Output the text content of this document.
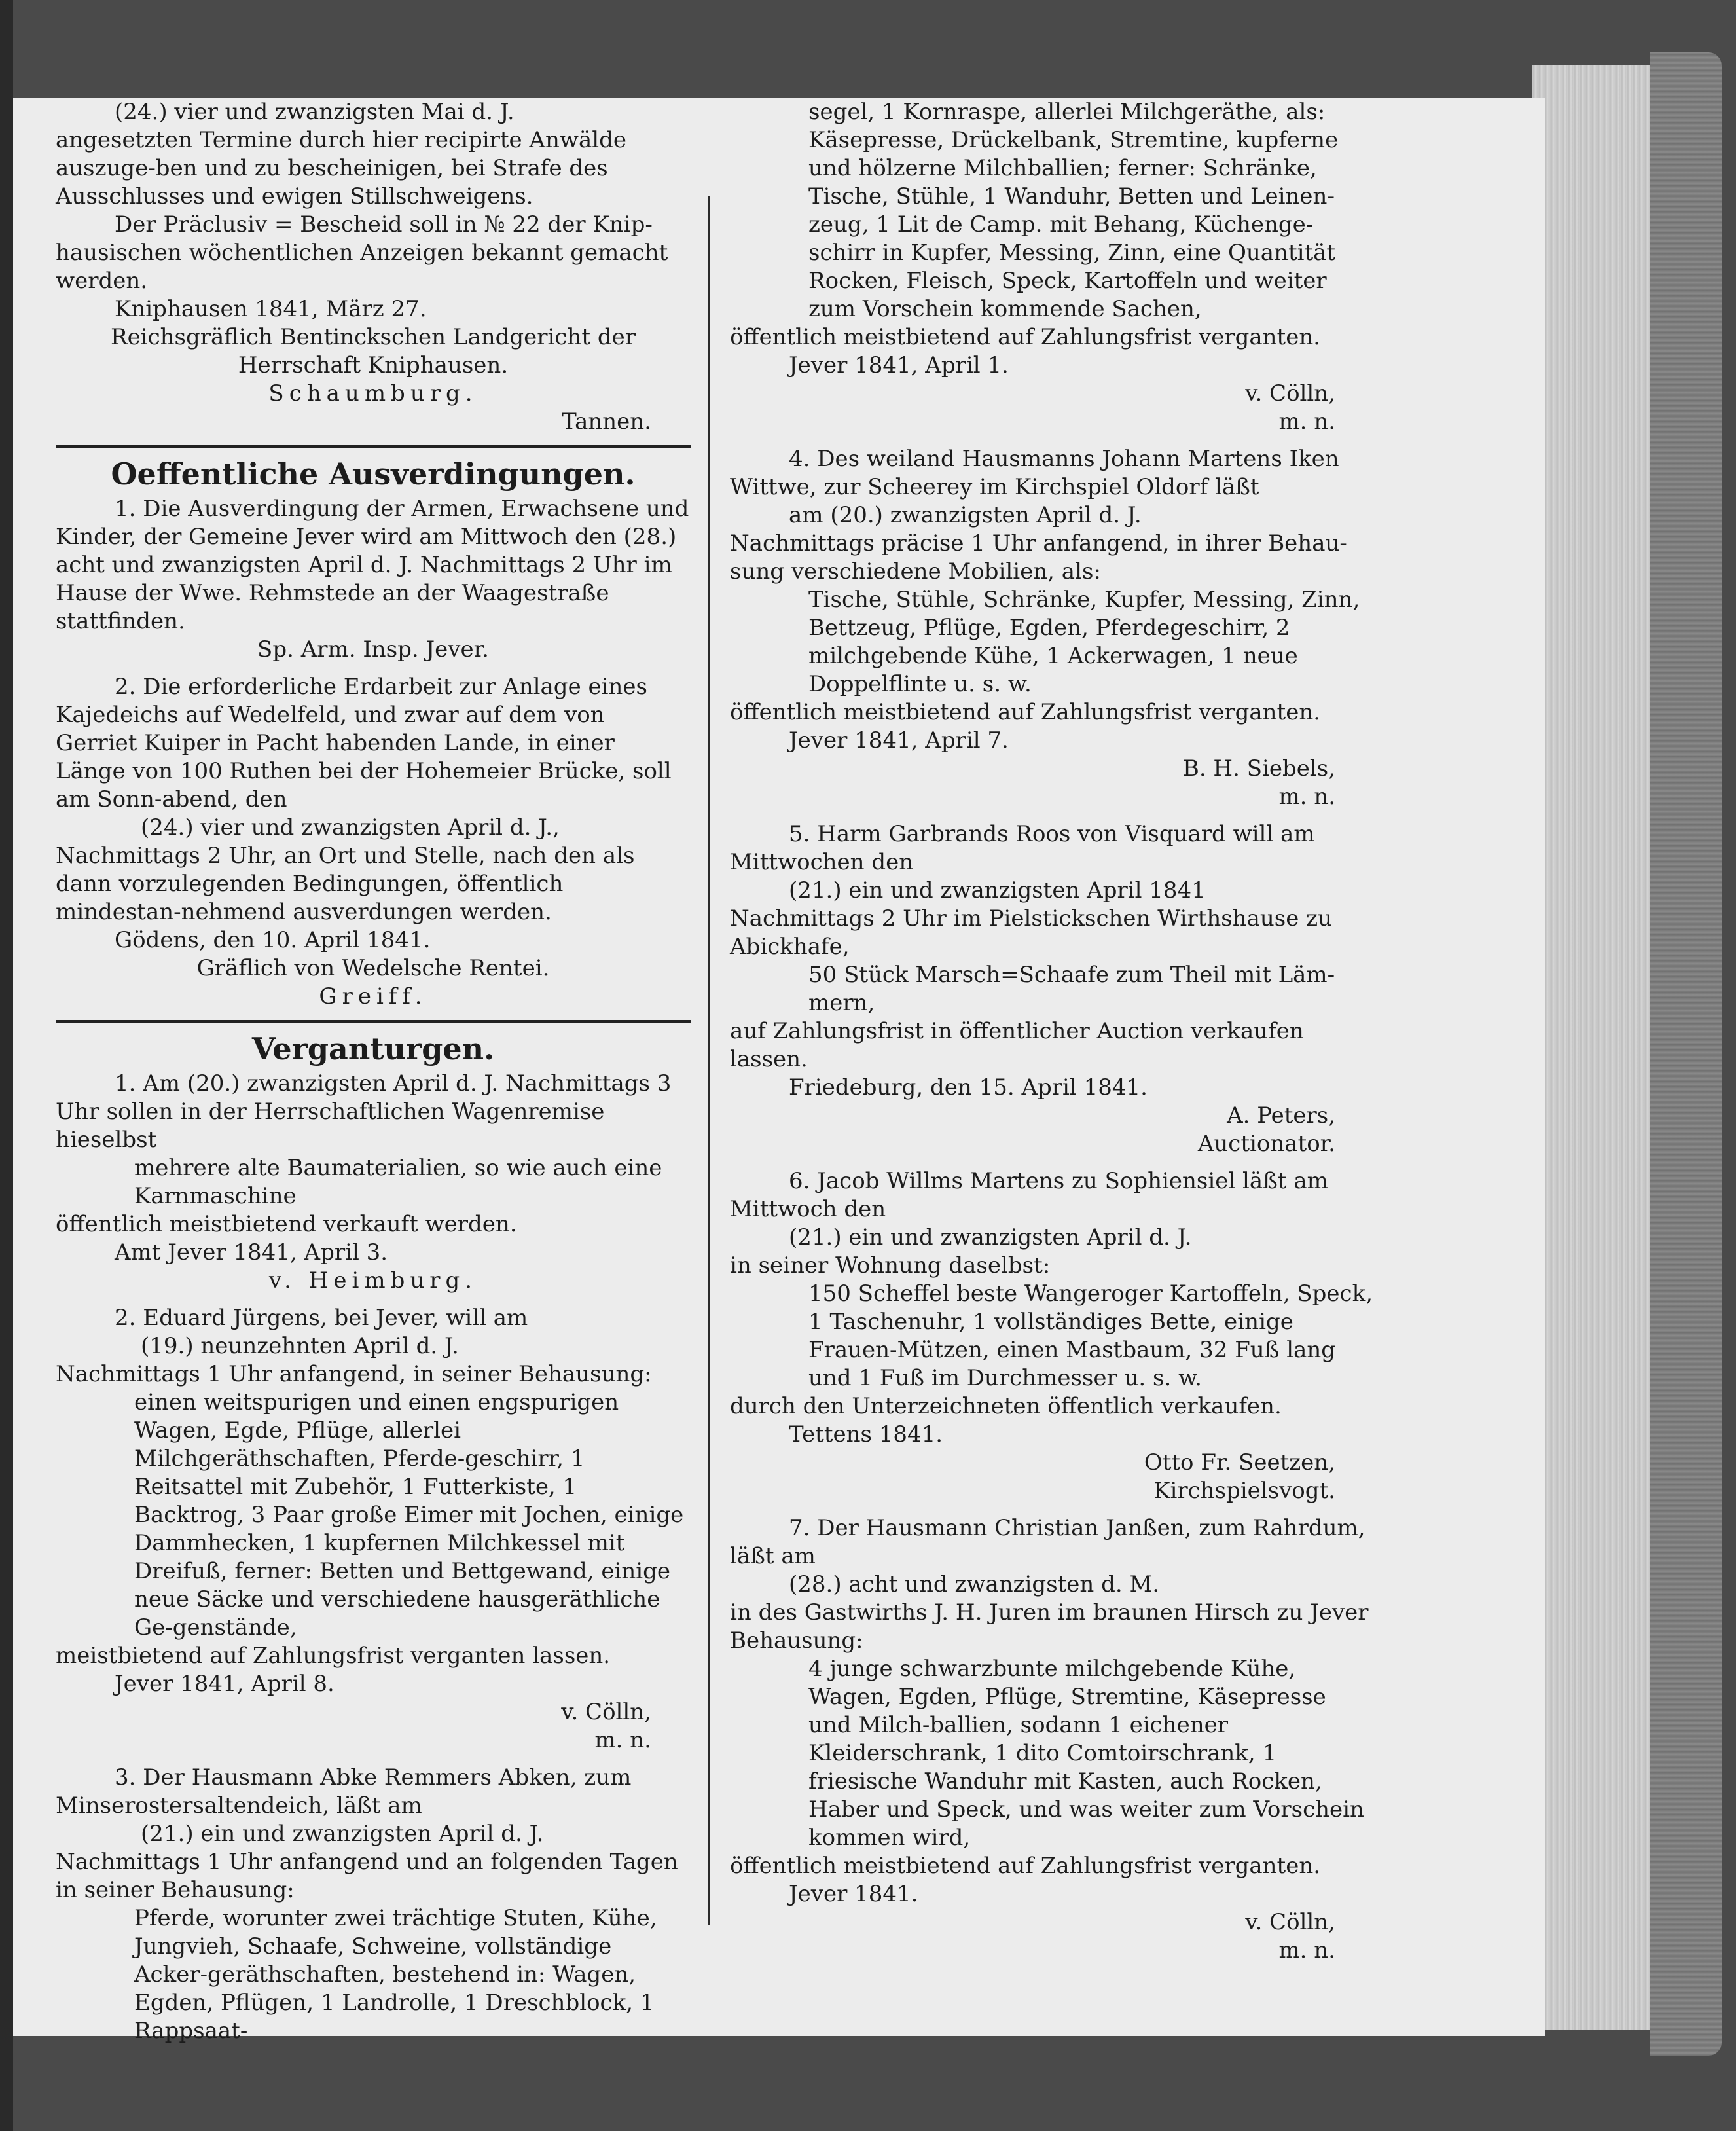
(24.) vier und zwanzigsten Mai d. J.

angesetzten Termine durch hier recipirte Anwälde auszuge-ben und zu bescheinigen, bei Strafe des Ausschlusses und ewigen Stillschweigens.

Der Präclusiv = Bescheid soll in № 22 der Knip-hausischen wöchentlichen Anzeigen bekannt gemacht werden.

Kniphausen 1841, März 27.

Reichsgräflich Bentinckschen Landgericht der Herrschaft Kniphausen.

Schaumburg.

Tannen.

Oeffentliche Ausverdingungen.

1. Die Ausverdingung der Armen, Erwachsene und Kinder, der Gemeine Jever wird am Mittwoch den (28.) acht und zwanzigsten April d. J. Nachmittags 2 Uhr im Hause der Wwe. Rehmstede an der Waagestraße stattfinden.

Sp. Arm. Insp. Jever.

2. Die erforderliche Erdarbeit zur Anlage eines Kajedeichs auf Wedelfeld, und zwar auf dem von Gerriet Kuiper in Pacht habenden Lande, in einer Länge von 100 Ruthen bei der Hohemeier Brücke, soll am Sonn-abend, den

(24.) vier und zwanzigsten April d. J.,

Nachmittags 2 Uhr, an Ort und Stelle, nach den als dann vorzulegenden Bedingungen, öffentlich mindestan-nehmend ausverdungen werden.

Gödens, den 10. April 1841.

Gräflich von Wedelsche Rentei.

Greiff.

Verganturgen.

1. Am (20.) zwanzigsten April d. J. Nachmittags 3 Uhr sollen in der Herrschaftlichen Wagenremise hieselbst

mehrere alte Baumaterialien, so wie auch eine Karnmaschine

öffentlich meistbietend verkauft werden.

Amt Jever 1841, April 3.

v. Heimburg.

2. Eduard Jürgens, bei Jever, will am

(19.) neunzehnten April d. J.

Nachmittags 1 Uhr anfangend, in seiner Behausung:

einen weitspurigen und einen engspurigen Wagen, Egde, Pflüge, allerlei Milchgeräthschaften, Pferde-geschirr, 1 Reitsattel mit Zubehör, 1 Futterkiste, 1 Backtrog, 3 Paar große Eimer mit Jochen, einige Dammhecken, 1 kupfernen Milchkessel mit Dreifuß, ferner: Betten und Bettgewand, einige neue Säcke und verschiedene hausgeräthliche Ge-genstände,

meistbietend auf Zahlungsfrist verganten lassen.

Jever 1841, April 8.

v. Cölln,

m. n.

3. Der Hausmann Abke Remmers Abken, zum Minserostersaltendeich, läßt am

(21.) ein und zwanzigsten April d. J.

Nachmittags 1 Uhr anfangend und an folgenden Tagen in seiner Behausung:

Pferde, worunter zwei trächtige Stuten, Kühe, Jungvieh, Schaafe, Schweine, vollständige Acker-geräthschaften, bestehend in: Wagen, Egden, Pflügen, 1 Landrolle, 1 Dreschblock, 1 Rappsaat-

segel, 1 Kornraspe, allerlei Milchgeräthe, als: Käsepresse, Drückelbank, Stremtine, kupferne und hölzerne Milchballien; ferner: Schränke, Tische, Stühle, 1 Wanduhr, Betten und Leinen-zeug, 1 Lit de Camp. mit Behang, Küchenge-schirr in Kupfer, Messing, Zinn, eine Quantität Rocken, Fleisch, Speck, Kartoffeln und weiter zum Vorschein kommende Sachen,

öffentlich meistbietend auf Zahlungsfrist verganten.

Jever 1841, April 1.

v. Cölln,

m. n.

4. Des weiland Hausmanns Johann Martens Iken Wittwe, zur Scheerey im Kirchspiel Oldorf läßt

am (20.) zwanzigsten April d. J.

Nachmittags präcise 1 Uhr anfangend, in ihrer Behau-sung verschiedene Mobilien, als:

Tische, Stühle, Schränke, Kupfer, Messing, Zinn, Bettzeug, Pflüge, Egden, Pferdegeschirr, 2 milchgebende Kühe, 1 Ackerwagen, 1 neue Doppelflinte u. s. w.

öffentlich meistbietend auf Zahlungsfrist verganten.

Jever 1841, April 7.

B. H. Siebels,

m. n.

5. Harm Garbrands Roos von Visquard will am Mittwochen den

(21.) ein und zwanzigsten April 1841

Nachmittags 2 Uhr im Pielstickschen Wirthshause zu Abickhafe,

50 Stück Marsch=Schaafe zum Theil mit Läm-mern,

auf Zahlungsfrist in öffentlicher Auction verkaufen lassen.

Friedeburg, den 15. April 1841.

A. Peters,

Auctionator.

6. Jacob Willms Martens zu Sophiensiel läßt am Mittwoch den

(21.) ein und zwanzigsten April d. J.

in seiner Wohnung daselbst:

150 Scheffel beste Wangeroger Kartoffeln, Speck, 1 Taschenuhr, 1 vollständiges Bette, einige Frauen-Mützen, einen Mastbaum, 32 Fuß lang und 1 Fuß im Durchmesser u. s. w.

durch den Unterzeichneten öffentlich verkaufen.

Tettens 1841.

Otto Fr. Seetzen,

Kirchspielsvogt.

7. Der Hausmann Christian Janßen, zum Rahrdum, läßt am

(28.) acht und zwanzigsten d. M.

in des Gastwirths J. H. Juren im braunen Hirsch zu Jever Behausung:

4 junge schwarzbunte milchgebende Kühe, Wagen, Egden, Pflüge, Stremtine, Käsepresse und Milch-ballien, sodann 1 eichener Kleiderschrank, 1 dito Comtoirschrank, 1 friesische Wanduhr mit Kasten, auch Rocken, Haber und Speck, und was weiter zum Vorschein kommen wird,

öffentlich meistbietend auf Zahlungsfrist verganten.

Jever 1841.

v. Cölln,

m. n.
